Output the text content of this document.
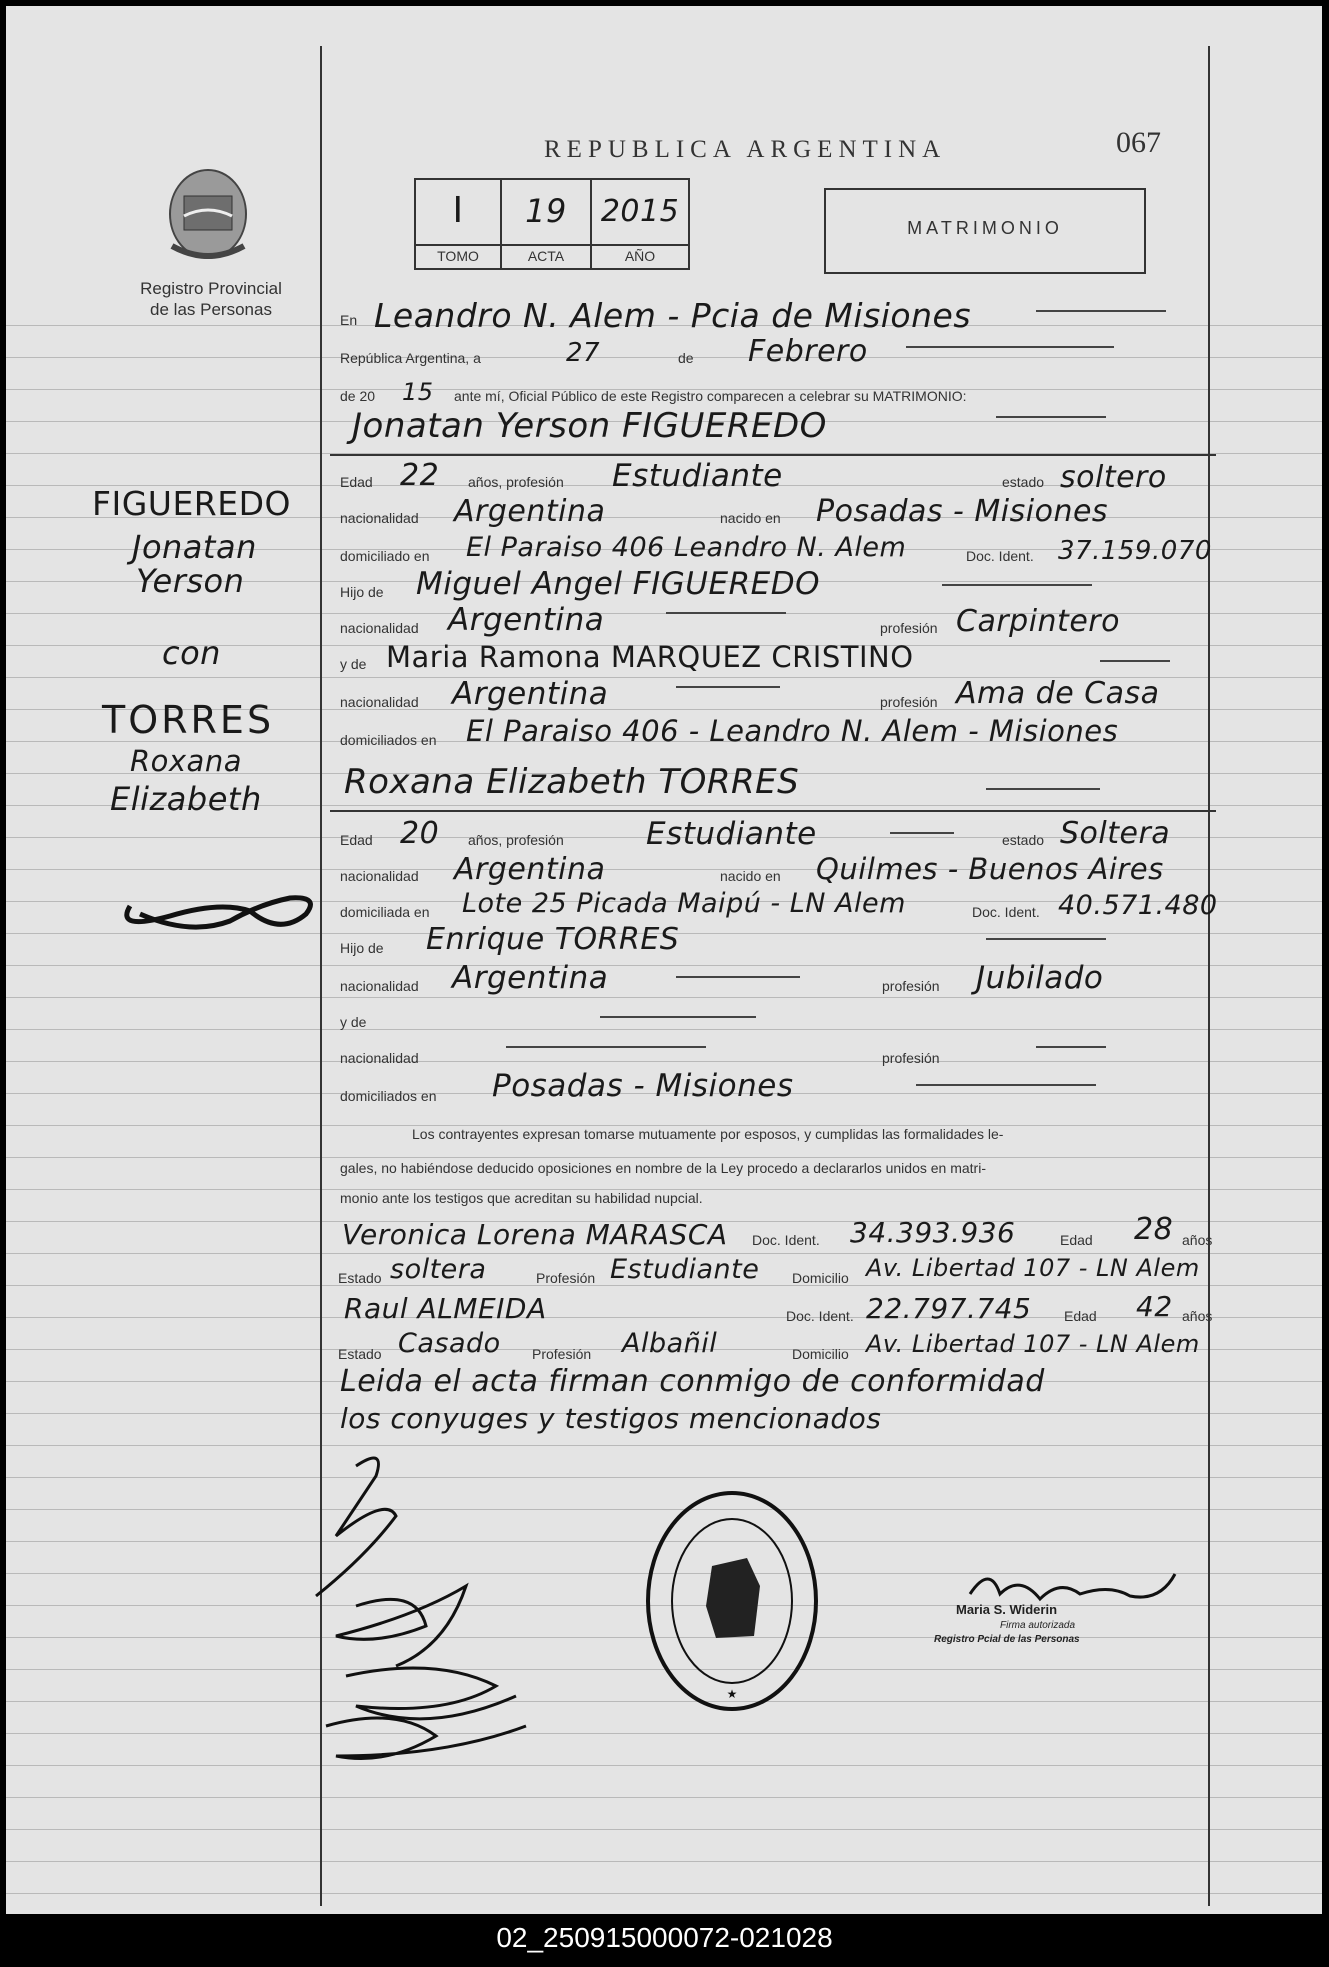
Registro Provincial
de las Personas
REPUBLICA ARGENTINA	067
I	19	2015
TOMO	ACTA	AÑO
MATRIMONIO
FIGUEREDO
Jonatan
Yerson
con
TORRES
Roxana
Elizabeth
En Leandro N. Alem - Pcia de Misiones
República Argentina, a	27	de Febrero
de 20 15 ante mí, Oficial Público de este Registro comparecen a celebrar su MATRIMONIO:
Jonatan Yerson FIGUEREDO
Edad 22 años, profesión Estudiante	estado soltero
nacionalidad Argentina	nacido en Posadas - Misiones
domiciliado en El Paraiso 406 Leandro N. Alem	Doc. Ident. 37.159.070
Hijo de Miguel Angel FIGUEREDO
nacionalidad Argentina	profesión Carpintero
y de Maria Ramona MARQUEZ CRISTINO
nacionalidad Argentina	profesión Ama de Casa
domiciliados en El Paraiso 406 - Leandro N. Alem - Misiones
Roxana Elizabeth TORRES
Edad 20 años, profesión	Estudiante	estado Soltera
nacionalidad Argentina	nacido en Quilmes - Buenos Aires
domiciliada en Lote 25 Picada Maipú - LN Alem	Doc. Ident. 40.571.480
Hijo de Enrique TORRES
nacionalidad Argentina	profesión Jubilado
y de
nacionalidad	profesión
domiciliados en Posadas - Misiones
Los contrayentes expresan tomarse mutuamente por esposos, y cumplidas las formalidades le-
gales, no habiéndose deducido oposiciones en nombre de la Ley procedo a declararlos unidos en matri-
monio ante los testigos que acreditan su habilidad nupcial.
Veronica Lorena MARASCA Doc. Ident. 34.393.936	Edad 28 años
Estado soltera	Profesión Estudiante Domicilio Av. Libertad 107 - LN Alem
Raul ALMEIDA	Doc. Ident. 22.797.745 Edad 42 años
Estado Casado Profesión Albañil	Domicilio Av. Libertad 107 - LN Alem
Leida el acta firman conmigo de conformidad
los conyuges y testigos mencionados
★
Maria S. Widerin
Firma autorizada
Registro Pcial de las Personas
02_250915000072-021028
